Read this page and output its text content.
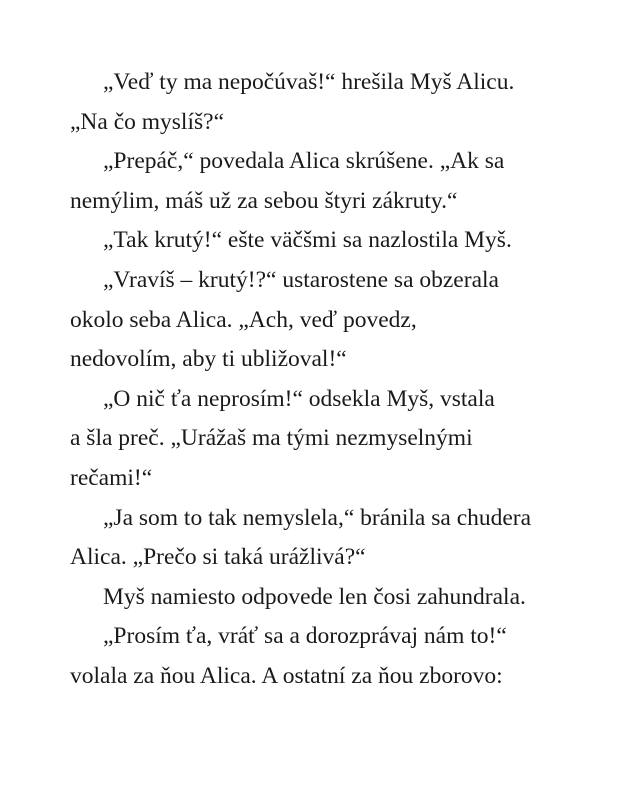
„Veď ty ma nepočúvaš!“ hrešila Myš Alicu.
„Na čo myslíš?“
„Prepáč,“ povedala Alica skrúšene. „Ak sa
nemýlim, máš už za sebou štyri zákruty.“
„Tak krutý!“ ešte väčšmi sa nazlostila Myš.
„Vravíš – krutý!?“ ustarostene sa obzerala
okolo seba Alica. „Ach, veď povedz,
nedovolím, aby ti ubližoval!“
„O nič ťa neprosím!“ odsekla Myš, vstala
a šla preč. „Urážaš ma tými nezmyselnými
rečami!“
„Ja som to tak nemyslela,“ bránila sa chudera
Alica. „Prečo si taká urážlivá?“
Myš namiesto odpovede len čosi zahundrala.
„Prosím ťa, vráť sa a dorozprávaj nám to!“
volala za ňou Alica. A ostatní za ňou zborovo:
